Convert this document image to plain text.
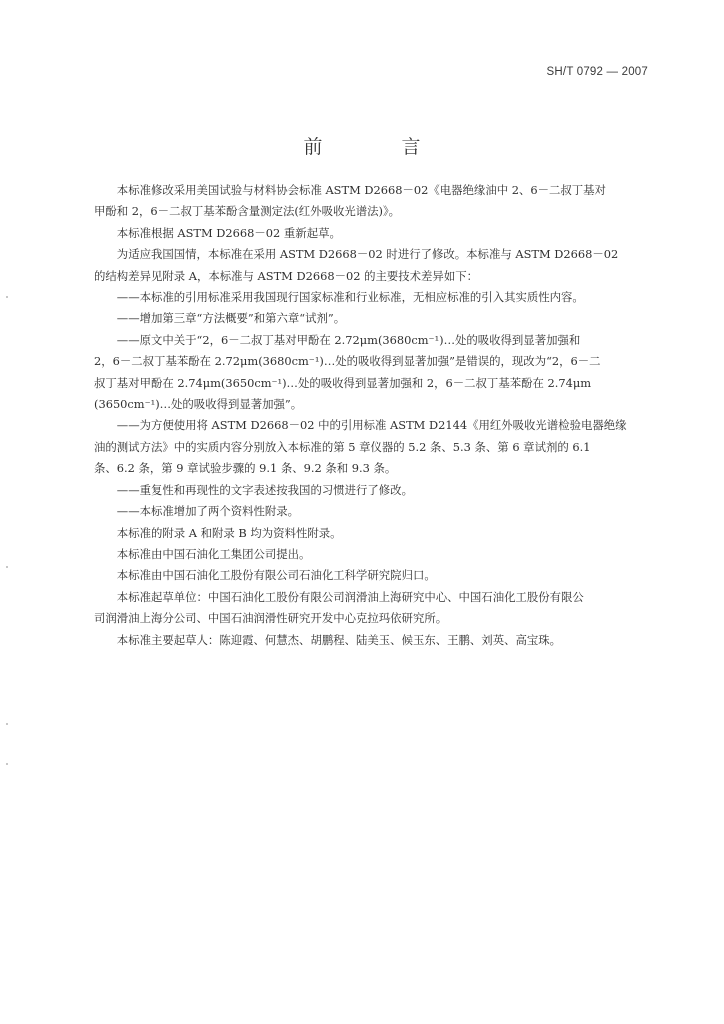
SH/T 0792 — 2007
前　言

本标准修改采用美国试验与材料协会标准 ASTM D2668－02《电器绝缘油中 2、6－二叔丁基对
甲酚和 2，6－二叔丁基苯酚含量测定法(红外吸收光谱法)》。

本标准根据 ASTM D2668－02 重新起草。

为适应我国国情，本标准在采用 ASTM D2668－02 时进行了修改。本标准与 ASTM D2668－02
的结构差异见附录 A，本标准与 ASTM D2668－02 的主要技术差异如下：

——本标准的引用标准采用我国现行国家标准和行业标准，无相应标准的引入其实质性内容。

——增加第三章“方法概要”和第六章“试剂”。

——原文中关于“2，6－二叔丁基对甲酚在 2.72μm(3680cm⁻¹)…处的吸收得到显著加强和
2，6－二叔丁基苯酚在 2.72μm(3680cm⁻¹)…处的吸收得到显著加强”是错误的，现改为“2，6－二
叔丁基对甲酚在 2.74μm(3650cm⁻¹)…处的吸收得到显著加强和 2，6－二叔丁基苯酚在 2.74μm
(3650cm⁻¹)…处的吸收得到显著加强”。

——为方便使用将 ASTM D2668－02 中的引用标准 ASTM D2144《用红外吸收光谱检验电器绝缘
油的测试方法》中的实质内容分别放入本标准的第 5 章仪器的 5.2 条、5.3 条、第 6 章试剂的 6.1
条、6.2 条，第 9 章试验步骤的 9.1 条、9.2 条和 9.3 条。

——重复性和再现性的文字表述按我国的习惯进行了修改。

——本标准增加了两个资料性附录。

本标准的附录 A 和附录 B 均为资料性附录。

本标准由中国石油化工集团公司提出。

本标准由中国石油化工股份有限公司石油化工科学研究院归口。

本标准起草单位：中国石油化工股份有限公司润滑油上海研究中心、中国石油化工股份有限公
司润滑油上海分公司、中国石油润滑性研究开发中心克拉玛依研究所。

本标准主要起草人：陈迎霞、何慧杰、胡鹏程、陆美玉、候玉东、王鹏、刘英、高宝珠。
